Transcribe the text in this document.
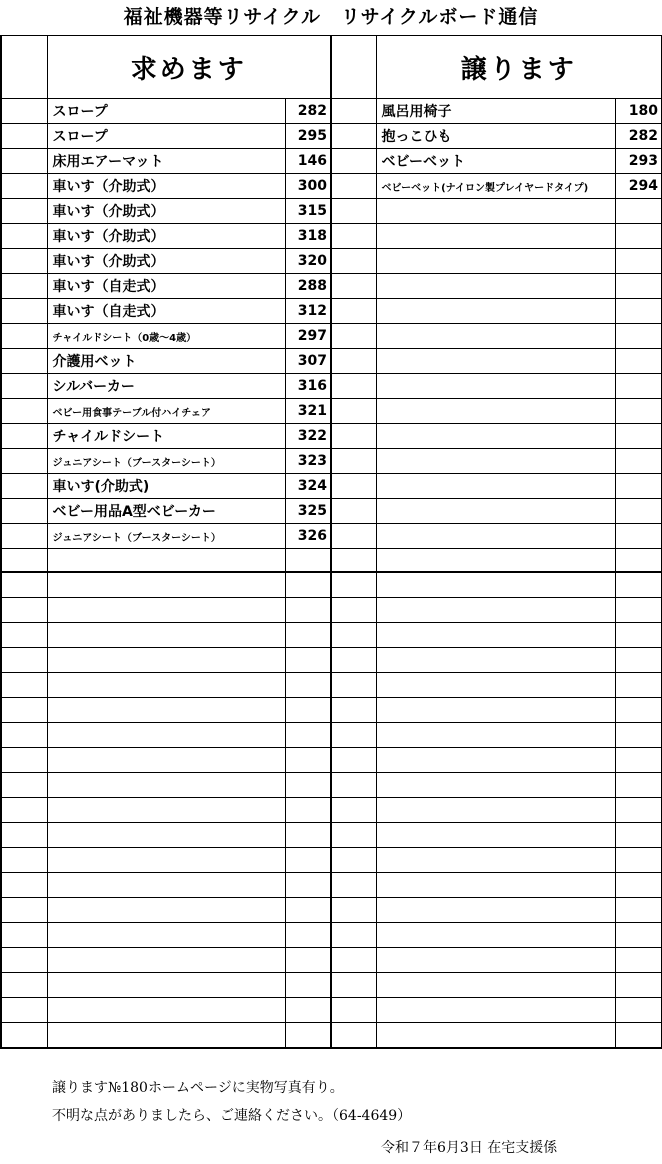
福祉機器等リサイクル　リサイクルボード通信
	求めます			譲ります	
	スロープ	282		風呂用椅子	180
	スロープ	295		抱っこひも	282
	床用エアーマット	146		ベビーベット	293
	車いす（介助式）	300		ベビーベット(ナイロン製プレイヤードタイプ)	294
	車いす（介助式）	315			
	車いす（介助式）	318			
	車いす（介助式）	320			
	車いす（自走式）	288			
	車いす（自走式）	312			
	チャイルドシート（0歳〜4歳）	297			
	介護用ベット	307			
	シルバーカー	316			
	ベビー用食事テーブル付ハイチェア	321			
	チャイルドシート	322			
	ジュニアシート（ブースターシート）	323			
	車いす(介助式)	324			
	ベビー用品A型ベビーカー	325			
	ジュニアシート（ブースターシート）	326			

譲ります№180ホームページに実物写真有り。
不明な点がありましたら、ご連絡ください。（64-4649）
令和７年6月3日 在宅支援係
